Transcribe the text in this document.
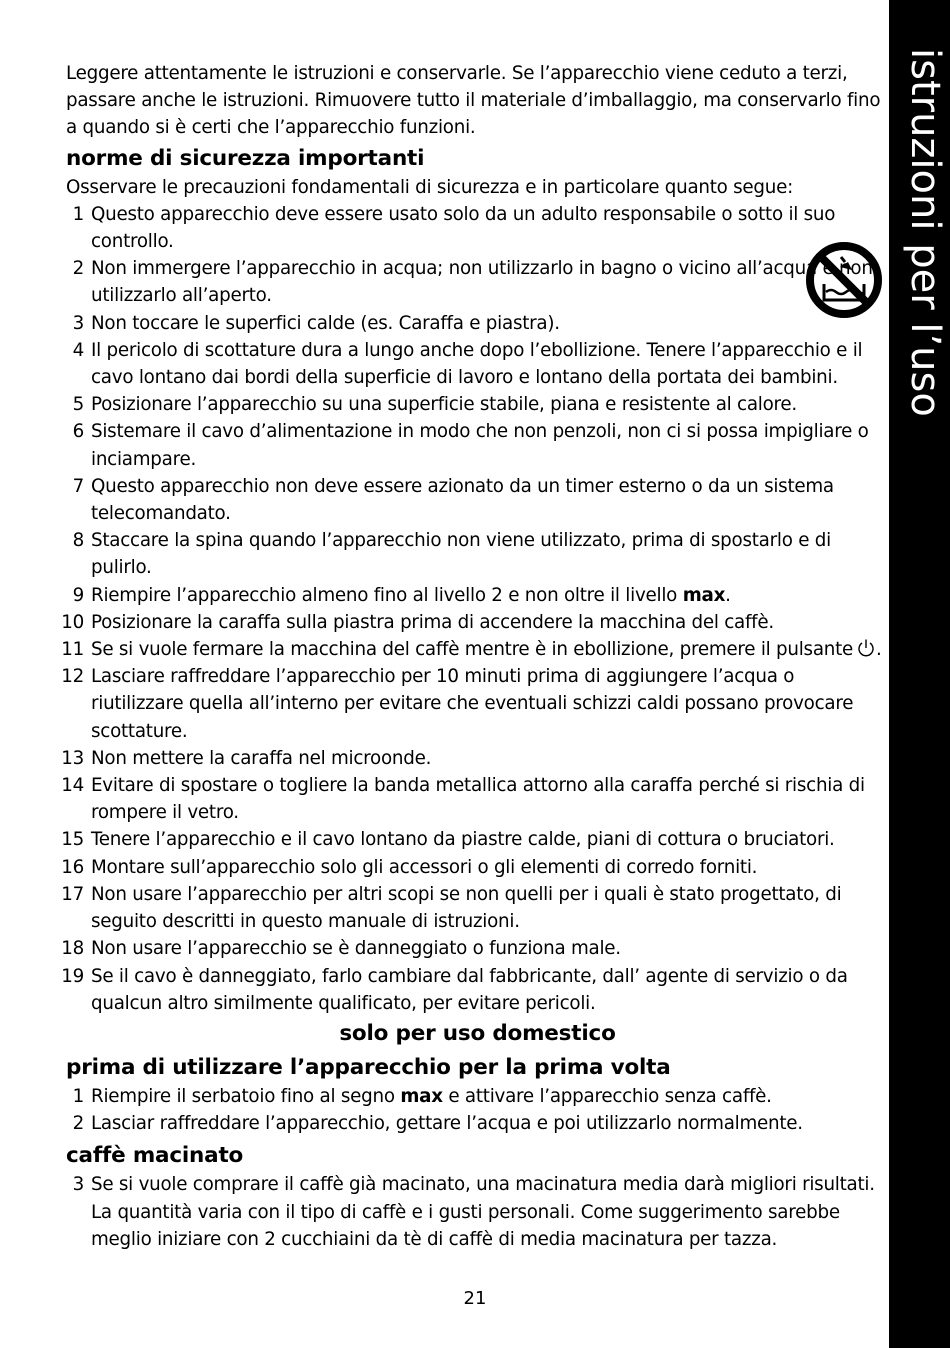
istruzioni per l’uso

Leggere attentamente le istruzioni e conservarle. Se l’apparecchio viene ceduto a terzi, passare anche le istruzioni. Rimuovere tutto il materiale d’imballaggio, ma conservarlo fino a quando si è certi che l’apparecchio funzioni.

norme di sicurezza importanti

Osservare le precauzioni fondamentali di sicurezza e in particolare quanto segue:

1 Questo apparecchio deve essere usato solo da un adulto responsabile o sotto il suo controllo.
2 Non immergere l’apparecchio in acqua; non utilizzarlo in bagno o vicino all’acqua e non utilizzarlo all’aperto.
3 Non toccare le superfici calde (es. Caraffa e piastra).
4 Il pericolo di scottature dura a lungo anche dopo l’ebollizione. Tenere l’apparecchio e il cavo lontano dai bordi della superficie di lavoro e lontano della portata dei bambini.
5 Posizionare l’apparecchio su una superficie stabile, piana e resistente al calore.
6 Sistemare il cavo d’alimentazione in modo che non penzoli, non ci si possa impigliare o inciampare.
7 Questo apparecchio non deve essere azionato da un timer esterno o da un sistema telecomandato.
8 Staccare la spina quando l’apparecchio non viene utilizzato, prima di spostarlo e di pulirlo.
9 Riempire l’apparecchio almeno fino al livello 2 e non oltre il livello max.
10 Posizionare la caraffa sulla piastra prima di accendere la macchina del caffè.
11 Se si vuole fermare la macchina del caffè mentre è in ebollizione, premere il pulsante .
12 Lasciare raffreddare l’apparecchio per 10 minuti prima di aggiungere l’acqua o riutilizzare quella all’interno per evitare che eventuali schizzi caldi possano provocare scottature.
13 Non mettere la caraffa nel microonde.
14 Evitare di spostare o togliere la banda metallica attorno alla caraffa perché si rischia di rompere il vetro.
15 Tenere l’apparecchio e il cavo lontano da piastre calde, piani di cottura o bruciatori.
16 Montare sull’apparecchio solo gli accessori o gli elementi di corredo forniti.
17 Non usare l’apparecchio per altri scopi se non quelli per i quali è stato progettato, di seguito descritti in questo manuale di istruzioni.
18 Non usare l’apparecchio se è danneggiato o funziona male.
19 Se il cavo è danneggiato, farlo cambiare dal fabbricante, dall’ agente di servizio o da qualcun altro similmente qualificato, per evitare pericoli.
solo per uso domestico
prima di utilizzare l’apparecchio per la prima volta
1 Riempire il serbatoio fino al segno max e attivare l’apparecchio senza caffè.
2 Lasciar raffreddare l’apparecchio, gettare l’acqua e poi utilizzarlo normalmente.
caffè macinato
3 Se si vuole comprare il caffè già macinato, una macinatura media darà migliori risultati. La quantità varia con il tipo di caffè e i gusti personali. Come suggerimento sarebbe meglio iniziare con 2 cucchiaini da tè di caffè di media macinatura per tazza.
21
